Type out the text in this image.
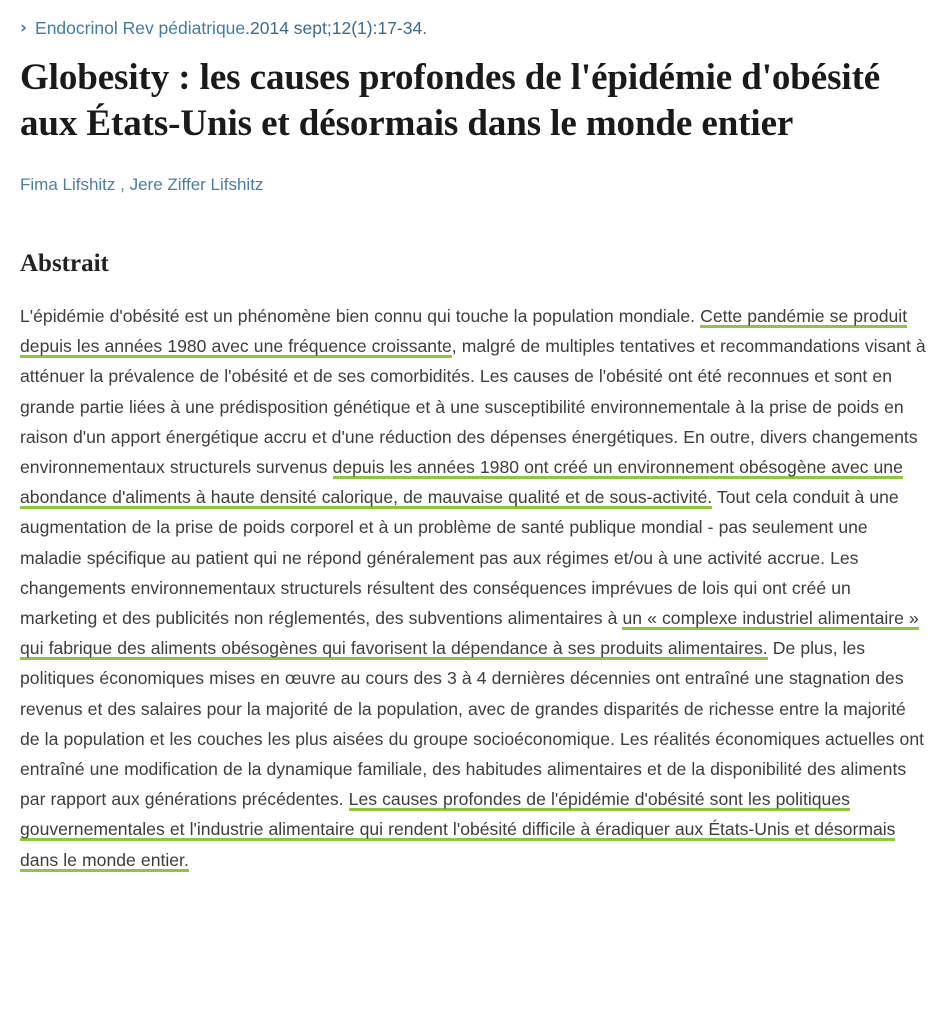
› Endocrinol Rev pédiatrique. 2014 sept;12(1):17-34.
Globesity : les causes profondes de l'épidémie d'obésité aux États-Unis et désormais dans le monde entier
Fima Lifshitz , Jere Ziffer Lifshitz
Abstrait
L'épidémie d'obésité est un phénomène bien connu qui touche la population mondiale. Cette pandémie se produit depuis les années 1980 avec une fréquence croissante, malgré de multiples tentatives et recommandations visant à atténuer la prévalence de l'obésité et de ses comorbidités. Les causes de l'obésité ont été reconnues et sont en grande partie liées à une prédisposition génétique et à une susceptibilité environnementale à la prise de poids en raison d'un apport énergétique accru et d'une réduction des dépenses énergétiques. En outre, divers changements environnementaux structurels survenus depuis les années 1980 ont créé un environnement obésogène avec une abondance d'aliments à haute densité calorique, de mauvaise qualité et de sous-activité. Tout cela conduit à une augmentation de la prise de poids corporel et à un problème de santé publique mondial - pas seulement une maladie spécifique au patient qui ne répond généralement pas aux régimes et/ou à une activité accrue. Les changements environnementaux structurels résultent des conséquences imprévues de lois qui ont créé un marketing et des publicités non réglementés, des subventions alimentaires à un « complexe industriel alimentaire » qui fabrique des aliments obésogènes qui favorisent la dépendance à ses produits alimentaires. De plus, les politiques économiques mises en œuvre au cours des 3 à 4 dernières décennies ont entraîné une stagnation des revenus et des salaires pour la majorité de la population, avec de grandes disparités de richesse entre la majorité de la population et les couches les plus aisées du groupe socioéconomique. Les réalités économiques actuelles ont entraîné une modification de la dynamique familiale, des habitudes alimentaires et de la disponibilité des aliments par rapport aux générations précédentes. Les causes profondes de l'épidémie d'obésité sont les politiques gouvernementales et l'industrie alimentaire qui rendent l'obésité difficile à éradiquer aux États-Unis et désormais dans le monde entier.
